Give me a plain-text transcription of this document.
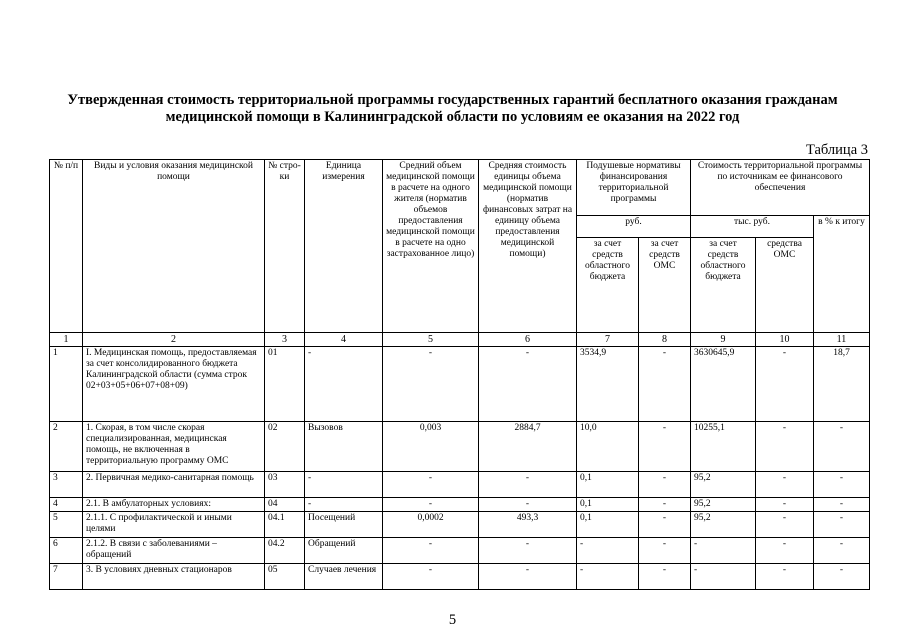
Утвержденная стоимость территориальной программы государственных гарантий бесплатного оказания гражданам медицинской помощи в Калининградской области по условиям ее оказания на 2022 год
Таблица 3
№ п/п	Виды и условия оказания медицинской помощи	№ стро-ки	Единица измерения	Средний объем медицинской помощи в расчете на одного жителя (норматив объемов предоставления медицинской помощи в расчете на одно застрахованное лицо)	Средняя стоимость единицы объема медицинской помощи (норматив финансовых затрат на единицу объема предоставления медицинской помощи)	Подушевые нормативы финансирования территориальной программы		Стоимость территориальной программы по источникам ее финансового обеспечения		
						руб.		тыс. руб.		в % к итогу
						за счет средств областного бюджета	за счет средств ОМС	за счет средств областного бюджета	средства ОМС	
1	2	3	4	5	6	7	8	9	10	11
1	I. Медицинская помощь, предоставляемая за счет консолидированного бюджета Калининградской области (сумма строк 02+03+05+06+07+08+09)	01	-	-	-	3534,9	-	3630645,9	-	18,7
2	1. Скорая, в том числе скорая специализированная, медицинская помощь, не включенная в территориальную программу ОМС	02	Вызовов	0,003	2884,7	10,0	-	10255,1	-	-
3	2. Первичная медико-санитарная помощь	03	-	-	-	0,1	-	95,2	-	-
4	2.1. В амбулаторных условиях:	04	-	-	-	0,1	-	95,2	-	-
5	2.1.1. С профилактической и иными целями	04.1	Посещений	0,0002	493,3	0,1	-	95,2	-	-
6	2.1.2. В связи с заболеваниями – обращений	04.2	Обращений	-	-	-	-	-	-	-
7	3. В условиях дневных стационаров	05	Случаев лечения	-	-	-	-	-	-	-
5
